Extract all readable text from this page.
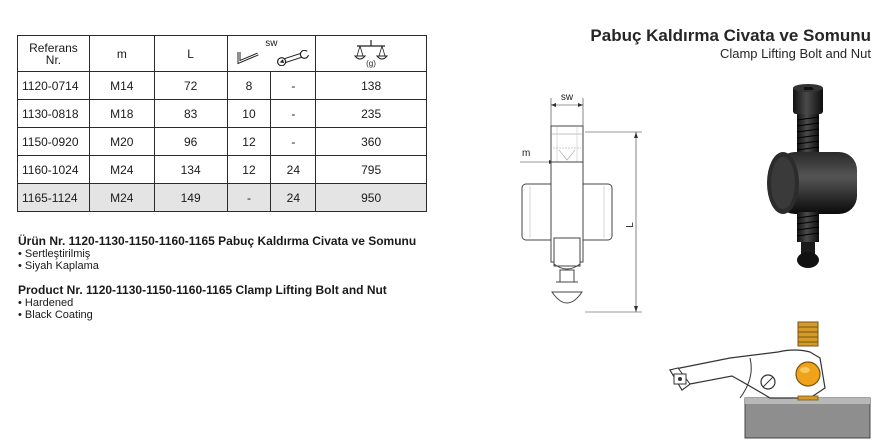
Pabuç Kaldırma Civata ve Somunu
Clamp Lifting Bolt and Nut
Referans
Nr.	m	L	sw		(g)

1120-0714	M14	72	8	-	138
1130-0818	M18	83	10	-	235
1150-0920	M20	96	12	-	360
1160-1024	M24	134	12	24	795
1165-1124	M24	149	-	24	950
Ürün Nr. 1120-1130-1150-1160-1165 Pabuç Kaldırma Civata ve Somunu
• Sertleştirilmiş
• Siyah Kaplama
Product Nr. 1120-1130-1150-1160-1165 Clamp Lifting Bolt and Nut
• Hardened
• Black Coating
sw
m
L
